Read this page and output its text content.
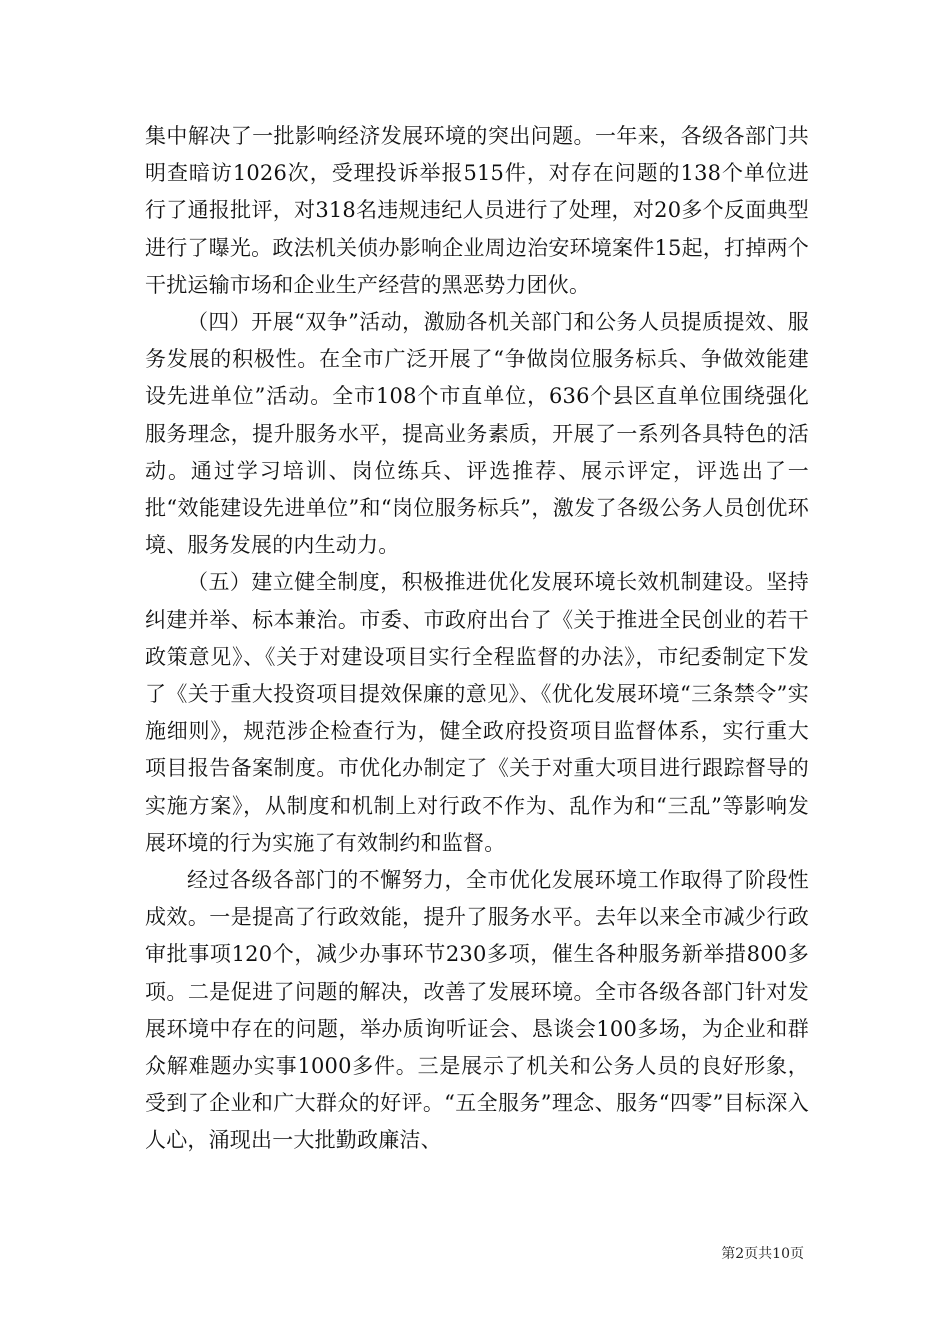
集中解决了一批影响经济发展环境的突出问题。一年来，各级各部门共明查暗访1026次，受理投诉举报515件，对存在问题的138个单位进行了通报批评，对318名违规违纪人员进行了处理，对20多个反面典型进行了曝光。政法机关侦办影响企业周边治安环境案件15起，打掉两个干扰运输市场和企业生产经营的黑恶势力团伙。

（四）开展“双争”活动，激励各机关部门和公务人员提质提效、服务发展的积极性。在全市广泛开展了“争做岗位服务标兵、争做效能建设先进单位”活动。全市108个市直单位，636个县区直单位围绕强化服务理念，提升服务水平，提高业务素质，开展了一系列各具特色的活动。通过学习培训、岗位练兵、评选推荐、展示评定，评选出了一批“效能建设先进单位”和“岗位服务标兵”，激发了各级公务人员创优环境、服务发展的内生动力。

（五）建立健全制度，积极推进优化发展环境长效机制建设。坚持纠建并举、标本兼治。市委、市政府出台了《关于推进全民创业的若干政策意见》、《关于对建设项目实行全程监督的办法》，市纪委制定下发了《关于重大投资项目提效保廉的意见》、《优化发展环境“三条禁令”实施细则》，规范涉企检查行为，健全政府投资项目监督体系，实行重大项目报告备案制度。市优化办制定了《关于对重大项目进行跟踪督导的实施方案》，从制度和机制上对行政不作为、乱作为和“三乱”等影响发展环境的行为实施了有效制约和监督。

经过各级各部门的不懈努力，全市优化发展环境工作取得了阶段性成效。一是提高了行政效能，提升了服务水平。去年以来全市减少行政审批事项120个，减少办事环节230多项，催生各种服务新举措800多项。二是促进了问题的解决，改善了发展环境。全市各级各部门针对发展环境中存在的问题，举办质询听证会、恳谈会100多场，为企业和群众解难题办实事1000多件。三是展示了机关和公务人员的良好形象，受到了企业和广大群众的好评。“五全服务”理念、服务“四零”目标深入人心，涌现出一大批勤政廉洁、

第2页共10页
